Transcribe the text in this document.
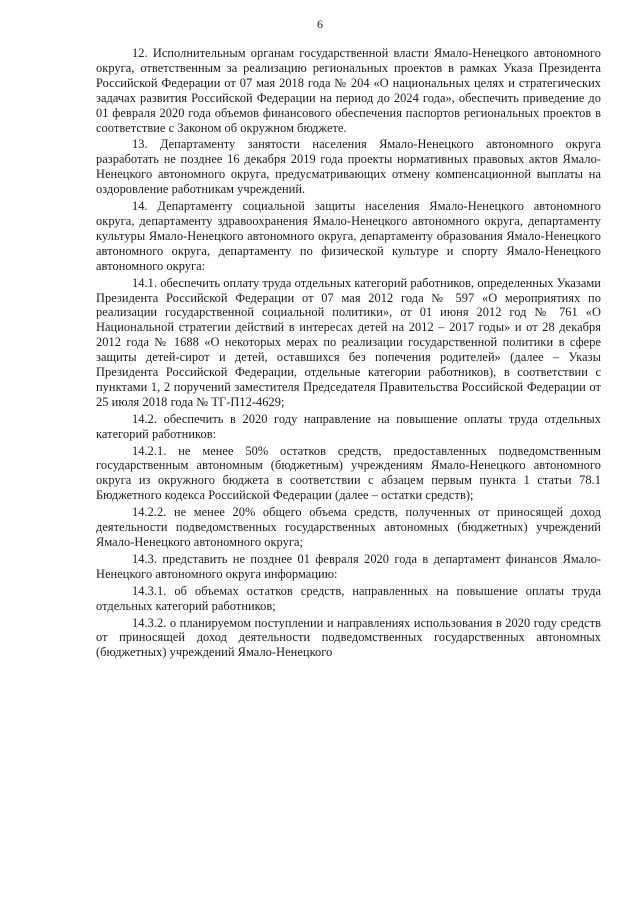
6

12. Исполнительным органам государственной власти Ямало-Ненецкого автономного округа, ответственным за реализацию региональных проектов в рамках Указа Президента Российской Федерации от 07 мая 2018 года № 204 «О национальных целях и стратегических задачах развития Российской Федерации на период до 2024 года», обеспечить приведение до 01 февраля 2020 года объемов финансового обеспечения паспортов региональных проектов в соответствие с Законом об окружном бюджете.

13. Департаменту занятости населения Ямало-Ненецкого автономного округа разработать не позднее 16 декабря 2019 года проекты нормативных правовых актов Ямало-Ненецкого автономного округа, предусматривающих отмену компенсационной выплаты на оздоровление работникам учреждений.

14. Департаменту социальной защиты населения Ямало-Ненецкого автономного округа, департаменту здравоохранения Ямало-Ненецкого автономного округа, департаменту культуры Ямало-Ненецкого автономного округа, департаменту образования Ямало-Ненецкого автономного округа, департаменту по физической культуре и спорту Ямало-Ненецкого автономного округа:

14.1. обеспечить оплату труда отдельных категорий работников, определенных Указами Президента Российской Федерации от 07 мая 2012 года № 597 «О мероприятиях по реализации государственной социальной политики», от 01 июня 2012 год № 761 «О Национальной стратегии действий в интересах детей на 2012 – 2017 годы» и от 28 декабря 2012 года № 1688 «О некоторых мерах по реализации государственной политики в сфере защиты детей-сирот и детей, оставшихся без попечения родителей» (далее – Указы Президента Российской Федерации, отдельные категории работников), в соответствии с пунктами 1, 2 поручений заместителя Председателя Правительства Российской Федерации от 25 июля 2018 года № ТГ-П12-4629;

14.2. обеспечить в 2020 году направление на повышение оплаты труда отдельных категорий работников:

14.2.1. не менее 50% остатков средств, предоставленных подведомственным государственным автономным (бюджетным) учреждениям Ямало-Ненецкого автономного округа из окружного бюджета в соответствии с абзацем первым пункта 1 статьи 78.1 Бюджетного кодекса Российской Федерации (далее – остатки средств);

14.2.2. не менее 20% общего объема средств, полученных от приносящей доход деятельности подведомственных государственных автономных (бюджетных) учреждений Ямало-Ненецкого автономного округа;

14.3. представить не позднее 01 февраля 2020 года в департамент финансов Ямало-Ненецкого автономного округа информацию:

14.3.1. об объемах остатков средств, направленных на повышение оплаты труда отдельных категорий работников;

14.3.2. о планируемом поступлении и направлениях использования в 2020 году средств от приносящей доход деятельности подведомственных государственных автономных (бюджетных) учреждений Ямало-Ненецкого
